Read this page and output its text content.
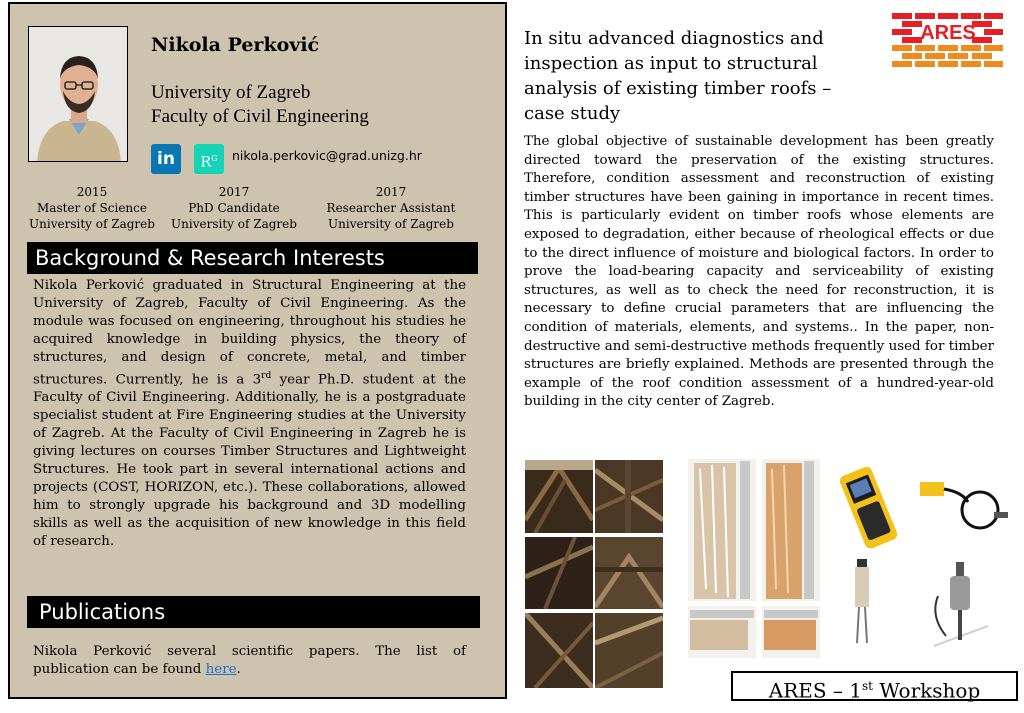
Nikola Perković
University of Zagreb
Faculty of Civil Engineering
in	$R^G$	nikola.perkovic@grad.unizg.hr
2015
Master of Science
University of Zagreb
2017
PhD Candidate
University of Zagreb
2017
Researcher Assistant
University of Zagreb
Background & Research Interests
Nikola Perković graduated in Structural Engineering at the University of Zagreb, Faculty of Civil Engineering. As the module was focused on engineering, throughout his studies he acquired knowledge in building physics, the theory of structures, and design of concrete, metal, and timber structures. Currently, he is a 3rd year Ph.D. student at the Faculty of Civil Engineering. Additionally, he is a postgraduate specialist student at Fire Engineering studies at the University of Zagreb. At the Faculty of Civil Engineering in Zagreb he is giving lectures on courses Timber Structures and Lightweight Structures. He took part in several international actions and projects (COST, HORIZON, etc.). These collaborations, allowed him to strongly upgrade his background and 3D modelling skills as well as the acquisition of new knowledge in this field of research.
Publications
Nikola Perković several scientific papers. The list of publication can be found here.
In situ advanced diagnostics and inspection as input to structural analysis of existing timber roofs – case study
ARES
The global objective of sustainable development has been greatly directed toward the preservation of the existing structures. Therefore, condition assessment and reconstruction of existing timber structures have been gaining in importance in recent times. This is particularly evident on timber roofs whose elements are exposed to degradation, either because of rheological effects or due to the direct influence of moisture and biological factors. In order to prove the load-bearing capacity and serviceability of existing structures, as well as to check the need for reconstruction, it is necessary to define crucial parameters that are influencing the condition of materials, elements, and systems.. In the paper, non-destructive and semi-destructive methods frequently used for timber structures are briefly explained. Methods are presented through the example of the roof condition assessment of a hundred-year-old building in the city center of Zagreb.
ARES – 1st Workshop
